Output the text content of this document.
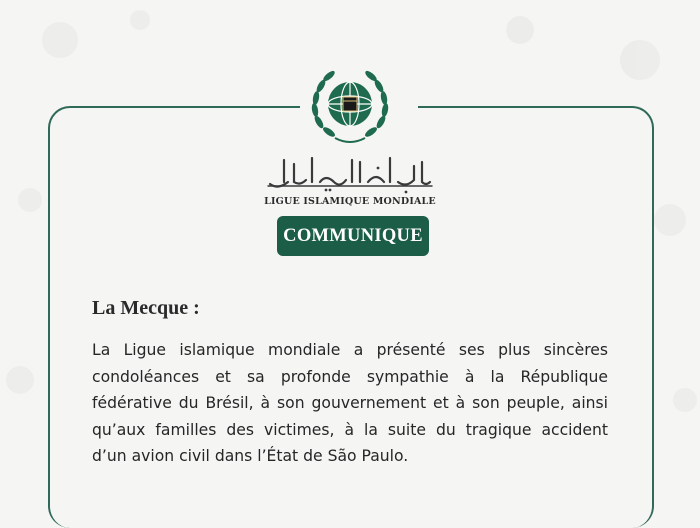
LIGUE ISLAMIQUE MONDIALE
COMMUNIQUE
La Mecque :
La Ligue islamique mondiale a présenté ses plus sincères
condoléances et sa profonde sympathie à la République
fédérative du Brésil, à son gouvernement et à son peuple, ainsi
qu’aux familles des victimes, à la suite du tragique accident
d’un avion civil dans l’État de São Paulo.
